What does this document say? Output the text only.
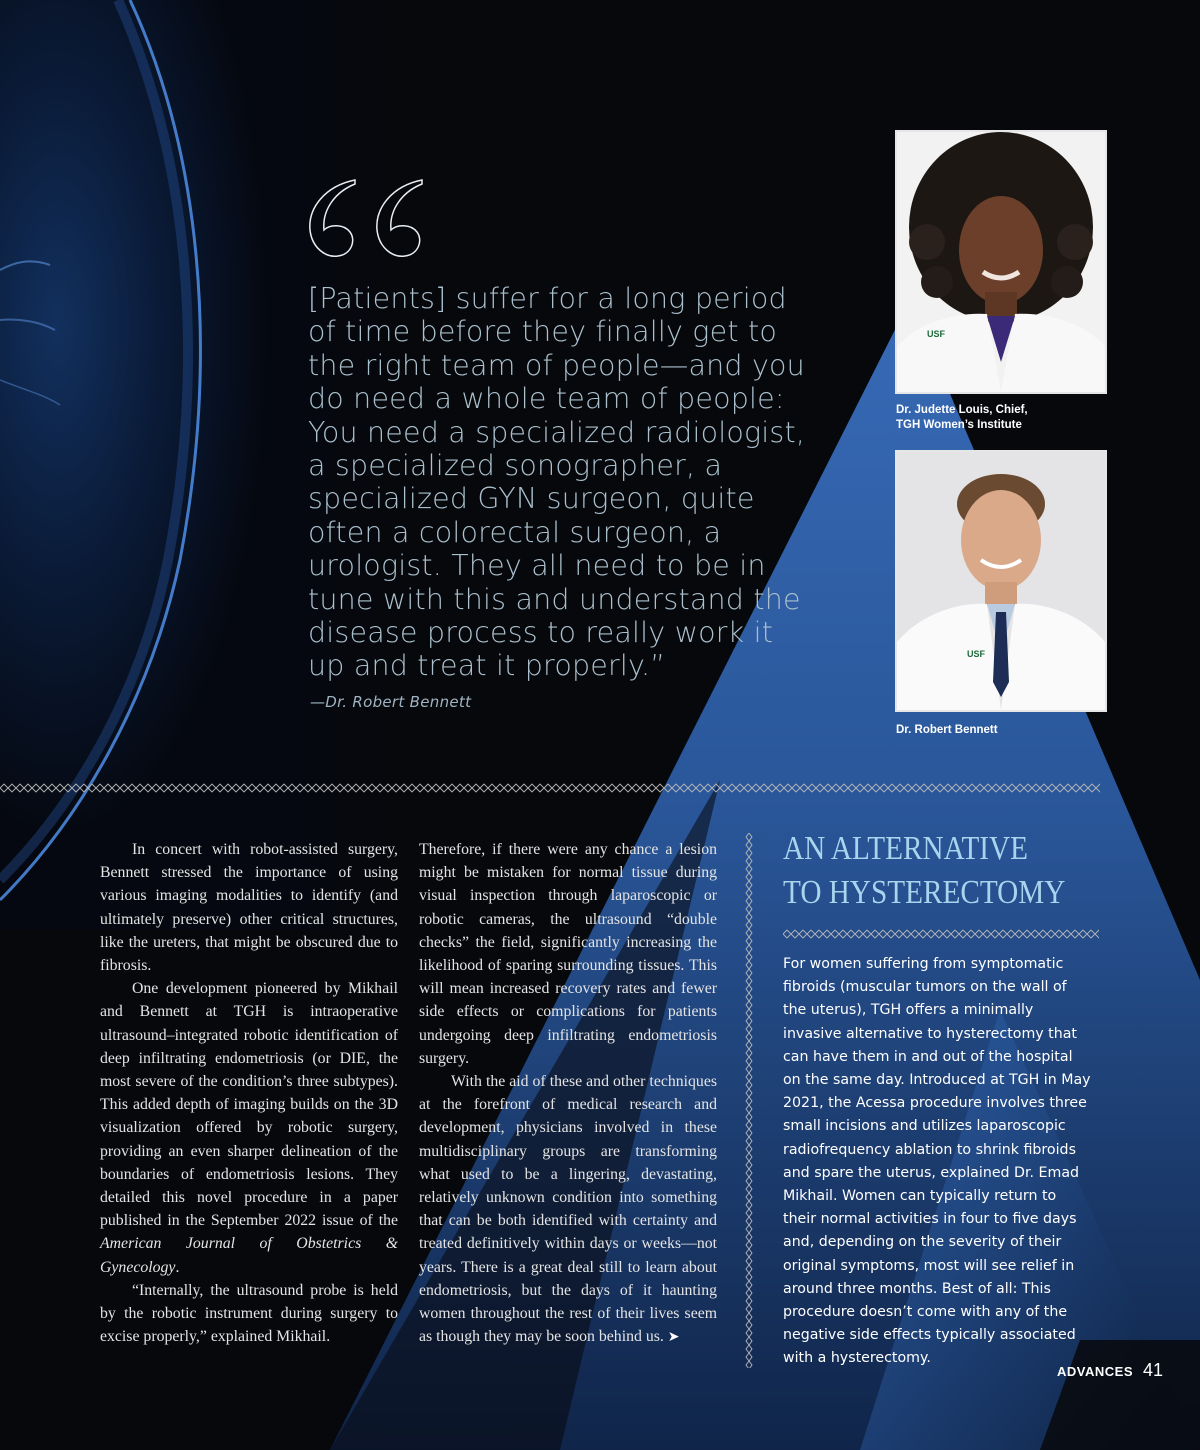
[Patients] suffer for a long period of time before they finally get to the right team of people—and you do need a whole team of people: You need a specialized radiologist, a specialized sonographer, a specialized GYN surgeon, quite often a colorectal surgeon, a urologist. They all need to be in tune with this and understand the disease process to really work it up and treat it properly.”

—Dr. Robert Bennett
USF
Dr. Judette Louis, Chief,
TGH Women’s Institute
USF
Dr. Robert Bennett

In concert with robot-assisted surgery, Bennett stressed the importance of using various imaging modalities to identify (and ultimately preserve) other critical structures, like the ureters, that might be obscured due to fibrosis.

One development pioneered by Mikhail and Bennett at TGH is intraoperative ultrasound–integrated robotic identification of deep infiltrating endometriosis (or DIE, the most severe of the condition’s three subtypes). This added depth of imaging builds on the 3D visualization offered by robotic surgery, providing an even sharper delineation of the boundaries of endometriosis lesions. They detailed this novel procedure in a paper published in the September 2022 issue of the American Journal of Obstetrics & Gynecology.

“Internally, the ultrasound probe is held by the robotic instrument during surgery to excise properly,” explained Mikhail.

Therefore, if there were any chance a lesion might be mistaken for normal tissue during visual inspection through laparoscopic or robotic cameras, the ultrasound “double checks” the field, significantly increasing the likelihood of sparing surrounding tissues. This will mean increased recovery rates and fewer side effects or complications for patients undergoing deep infiltrating endometriosis surgery.

With the aid of these and other techniques at the forefront of medical research and development, physicians involved in these multidisciplinary groups are transforming what used to be a lingering, devastating, relatively unknown condition into something that can be both identified with certainty and treated definitively within days or weeks—not years. There is a great deal still to learn about endometriosis, but the days of it haunting women throughout the rest of their lives seem as though they may be soon behind us. ➤

AN ALTERNATIVE
TO HYSTERECTOMY

For women suffering from symptomatic fibroids (muscular tumors on the wall of the uterus), TGH offers a minimally invasive alternative to hysterectomy that can have them in and out of the hospital on the same day. Introduced at TGH in May 2021, the Acessa procedure involves three small incisions and utilizes laparoscopic radiofrequency ablation to shrink fibroids and spare the uterus, explained Dr. Emad Mikhail. Women can typically return to their normal activities in four to five days and, depending on the severity of their original symptoms, most will see relief in around three months. Best of all: This procedure doesn’t come with any of the negative side effects typically associated with a hysterectomy.

ADVANCES 41
